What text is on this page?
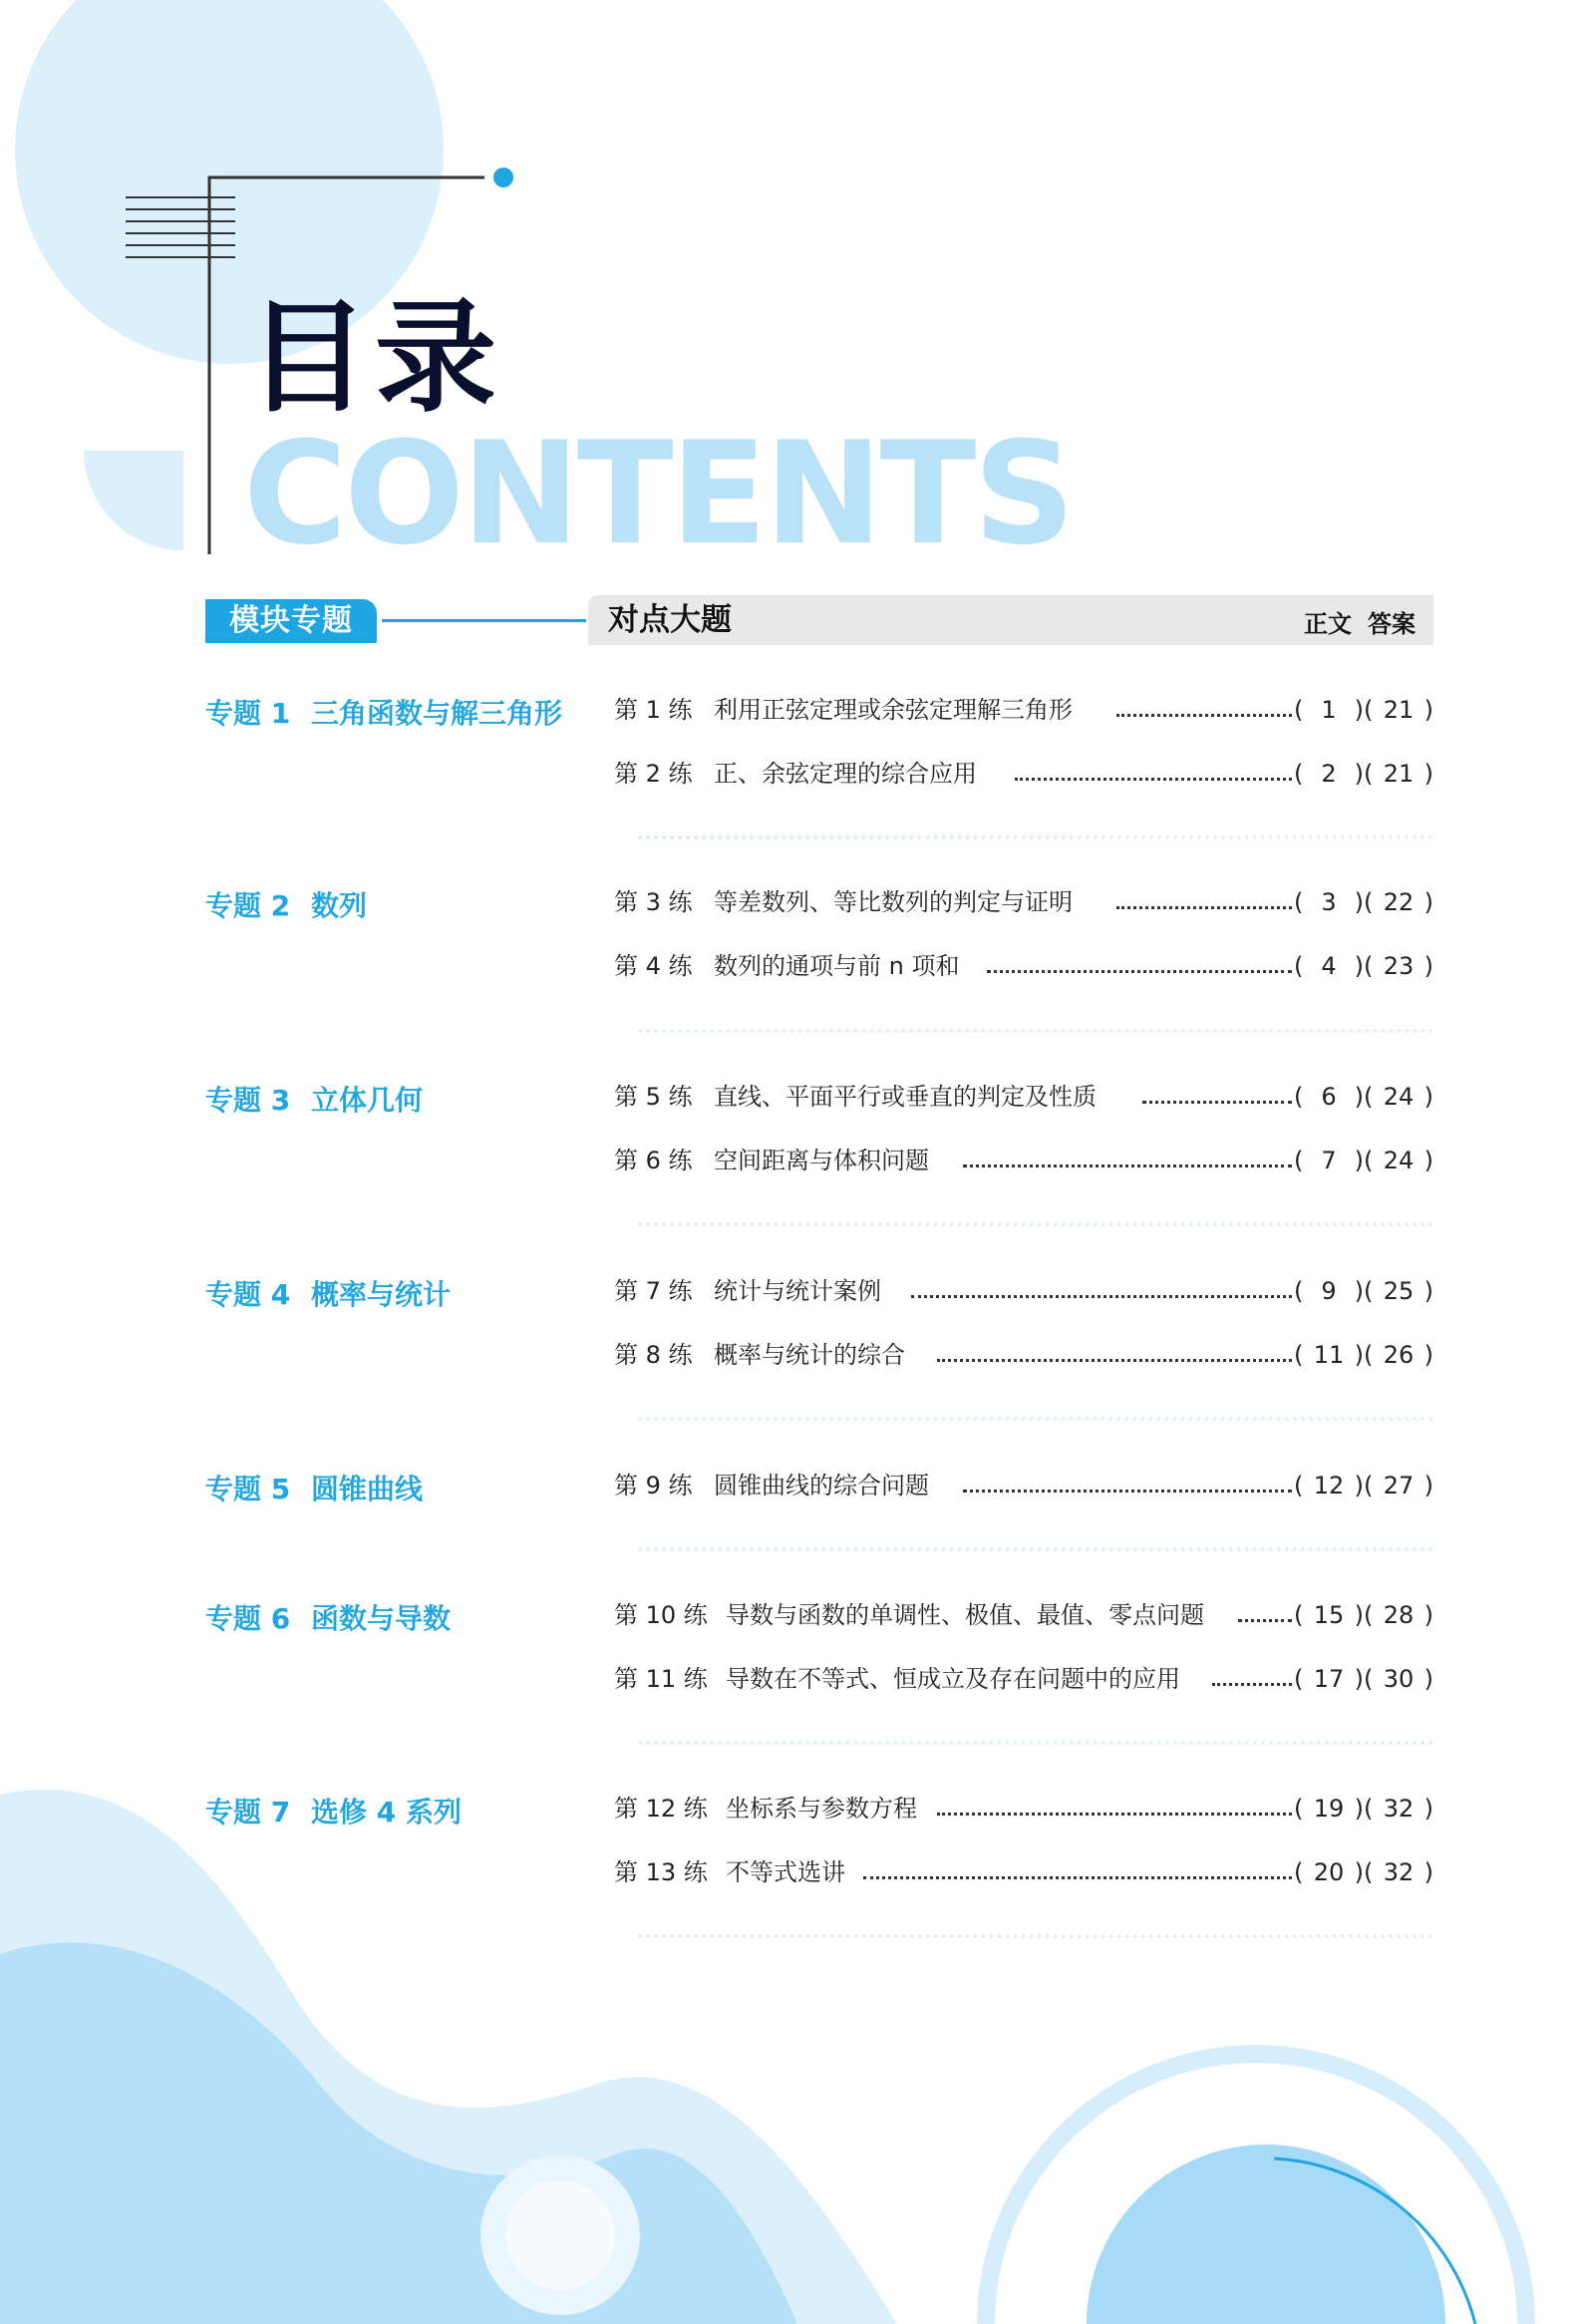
目录
CONTENTS
模块专题	对点大题	正文 答案
专题 1 三角函数与解三角形 第 1 练 利用正弦定理或余弦定理解三角形	( 1 )( 21 )
第 2 练 正、余弦定理的综合应用	( 2 )( 21 )
专题 2 数列	第 3 练 等差数列、等比数列的判定与证明	( 3 )( 22 )
第 4 练 数列的通项与前 n 项和	( 4 )( 23 )
专题 3 立体几何	第 5 练 直线、平面平行或垂直的判定及性质	( 6 )( 24 )
第 6 练 空间距离与体积问题	( 7 )( 24 )
专题 4 概率与统计	第 7 练 统计与统计案例	( 9 )( 25 )
第 8 练 概率与统计的综合	( 11 )( 26 )
专题 5 圆锥曲线	第 9 练 圆锥曲线的综合问题	( 12 )( 27 )
专题 6 函数与导数	第 10 练 导数与函数的单调性、极值、最值、零点问题	( 15 )( 28 )
第 11 练 导数在不等式、恒成立及存在问题中的应用	( 17 )( 30 )
专题 7 选修 4 系列	第 12 练 坐标系与参数方程	( 19 )( 32 )
第 13 练 不等式选讲	( 20 )( 32 )
